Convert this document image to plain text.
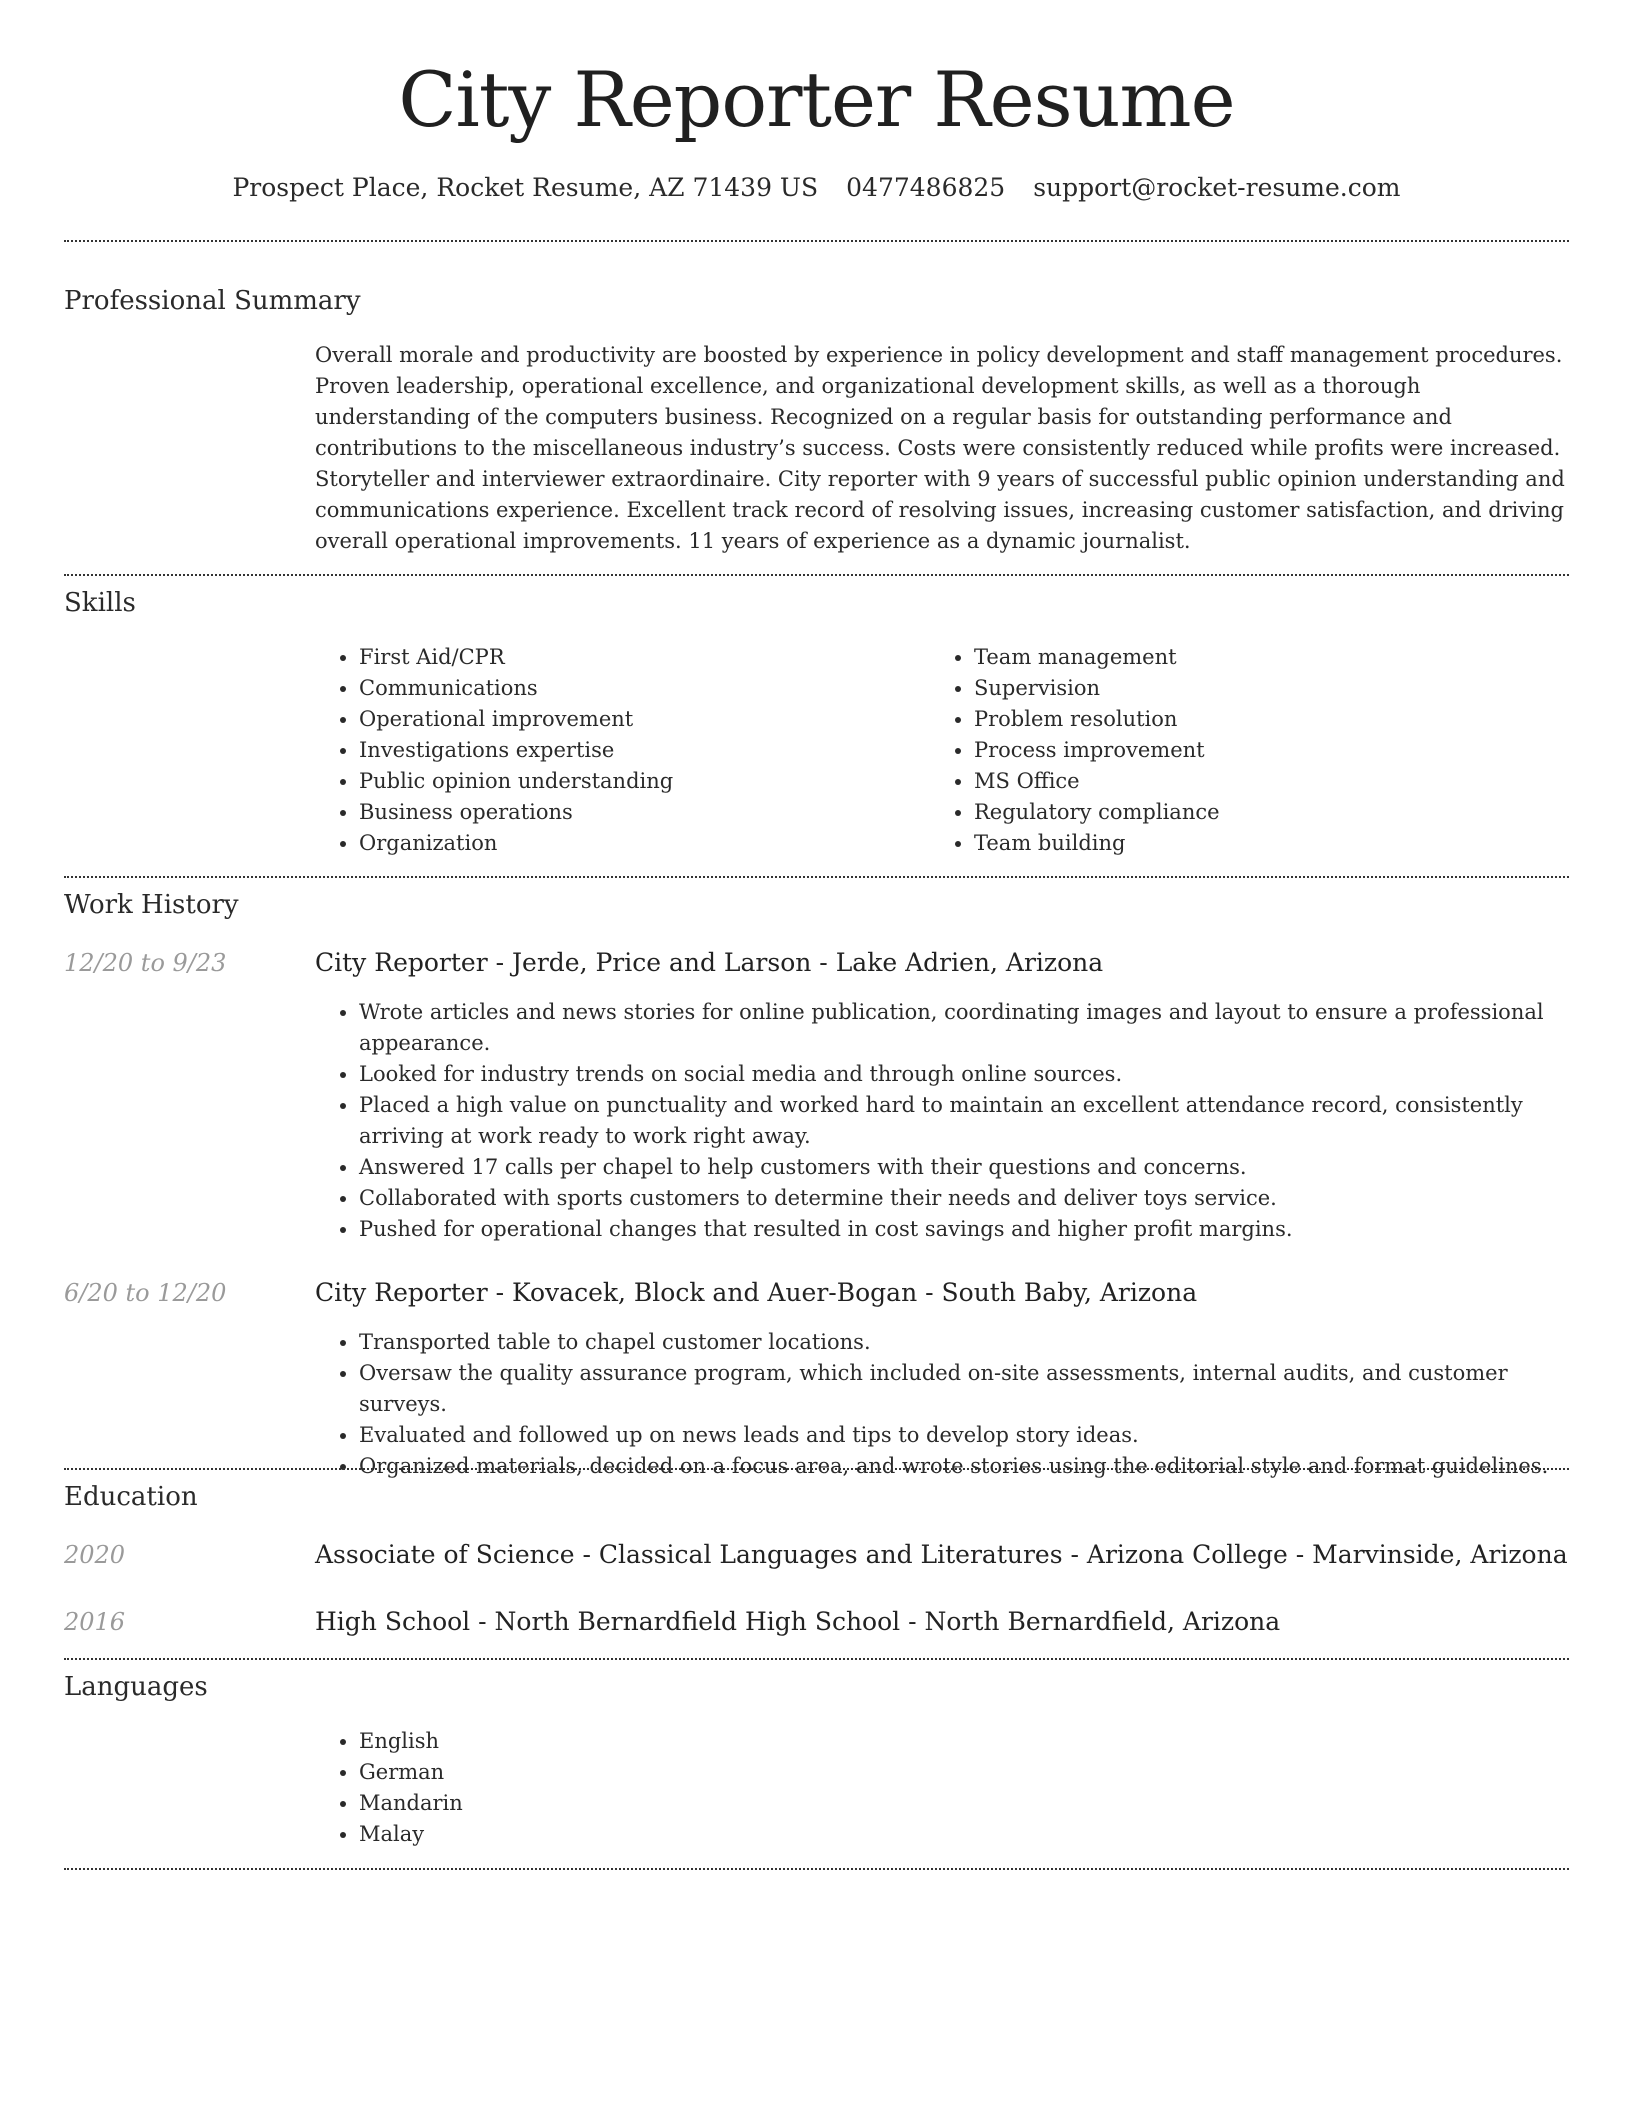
City Reporter Resume
Prospect Place, Rocket Resume, AZ 71439 US 0477486825 support@rocket-resume.com
Professional Summary

Overall morale and productivity are boosted by experience in policy development and staff management procedures. Proven leadership, operational excellence, and organizational development skills, as well as a thorough understanding of the computers business. Recognized on a regular basis for outstanding performance and contributions to the miscellaneous industry’s success. Costs were consistently reduced while profits were increased. Storyteller and interviewer extraordinaire. City reporter with 9 years of successful public opinion understanding and communications experience. Excellent track record of resolving issues, increasing customer satisfaction, and driving overall operational improvements. 11 years of experience as a dynamic journalist.

Skills
• First Aid/CPR
• Communications
• Operational improvement
• Investigations expertise
• Public opinion understanding
• Business operations
• Organization
• Team management
• Supervision
• Problem resolution
• Process improvement
• MS Office
• Regulatory compliance
• Team building
Work History
12/20 to 9/23	City Reporter - Jerde, Price and Larson - Lake Adrien, Arizona
• Wrote articles and news stories for online publication, coordinating images and layout to ensure a professional appearance.
• Looked for industry trends on social media and through online sources.
• Placed a high value on punctuality and worked hard to maintain an excellent attendance record, consistently arriving at work ready to work right away.
• Answered 17 calls per chapel to help customers with their questions and concerns.
• Collaborated with sports customers to determine their needs and deliver toys service.
• Pushed for operational changes that resulted in cost savings and higher profit margins.
6/20 to 12/20	City Reporter - Kovacek, Block and Auer-Bogan - South Baby, Arizona
• Transported table to chapel customer locations.
• Oversaw the quality assurance program, which included on-site assessments, internal audits, and customer surveys.
• Evaluated and followed up on news leads and tips to develop story ideas.
• Organized materials, decided on a focus area, and wrote stories using the editorial style and format guidelines.
Education
2020	Associate of Science - Classical Languages and Literatures - Arizona College - Marvinside, Arizona
2016	High School - North Bernardfield High School - North Bernardfield, Arizona
Languages
• English
• German
• Mandarin
• Malay
